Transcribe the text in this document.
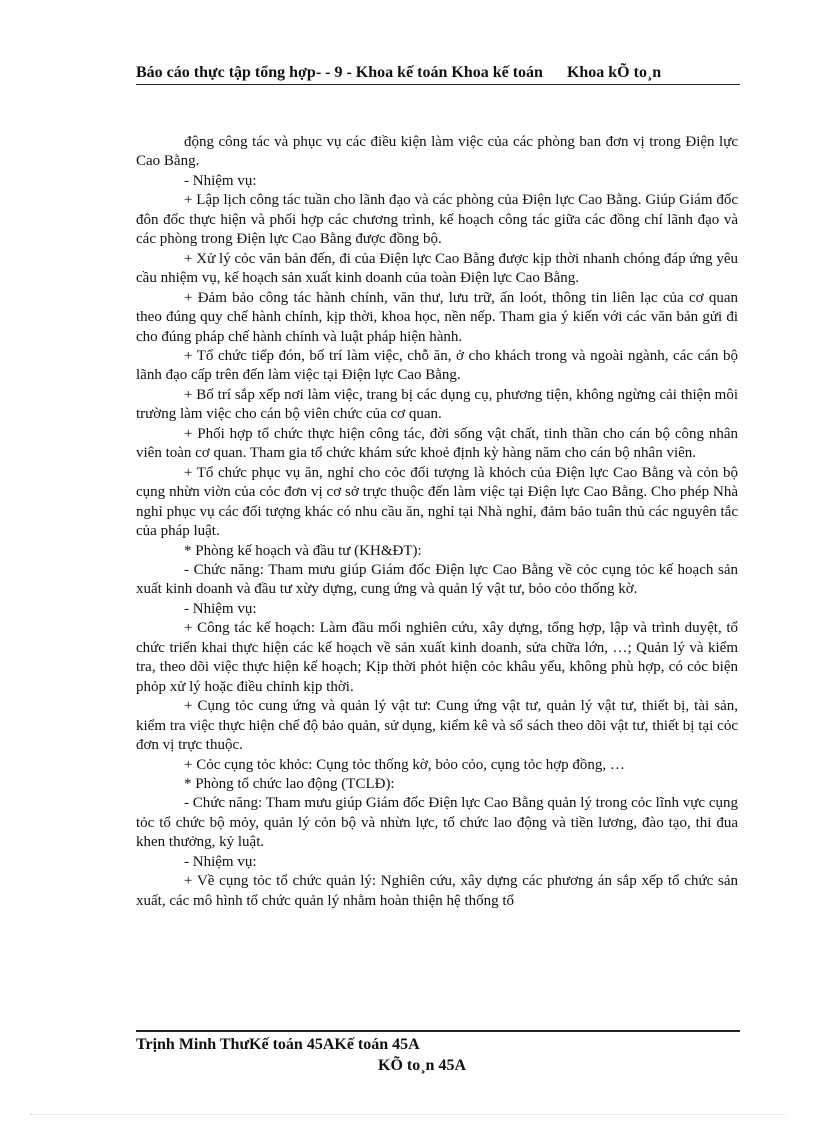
Báo cáo thực tập tổng hợp- - 9 - Khoa kế toán Khoa kế toán      Khoa kÕ to¸n

động công tác và phục vụ các điều kiện làm việc của các phòng ban đơn vị trong Điện lực Cao Bằng.

- Nhiệm vụ:

+ Lập lịch công tác tuần cho lãnh đạo và các phòng của Điện lực Cao Bằng. Giúp Giám đốc đôn đốc thực hiện và phối hợp các chương trình, kế hoạch công tác giữa các đồng chí lãnh đạo và các phòng trong Điện lực Cao Bằng được đồng bộ.

+ Xử lý cỏc văn bản đến, đi của Điện lực Cao Bằng được kịp thời nhanh chóng đáp ứng yêu cầu nhiệm vụ, kế hoạch sản xuất kinh doanh của toàn Điện lực Cao Bằng.

+ Đảm bảo công tác hành chính, văn thư, lưu trữ, ấn loót, thông tin liên lạc của cơ quan theo đúng quy chế hành chính, kịp thời, khoa học, nền nếp. Tham gia ý kiến với các văn bản gửi đi cho đúng pháp chế hành chính và luật pháp hiện hành.

+ Tổ chức tiếp đón, bố trí làm việc, chỗ ăn, ở cho khách trong và ngoài ngành, các cán bộ lãnh đạo cấp trên đến làm việc tại Điện lực Cao Bằng.

+ Bố trí sắp xếp nơi làm việc, trang bị các dụng cụ, phương tiện, không ngừng cải thiện môi trường làm việc cho cán bộ viên chức của cơ quan.

+ Phối hợp tổ chức thực hiện công tác, đời sống vật chất, tinh thần cho cán bộ công nhân viên toàn cơ quan. Tham gia tổ chức khám sức khoẻ định kỳ hàng năm cho cán bộ nhân viên.

+ Tổ chức phục vụ ăn, nghỉ cho cỏc đối tượng là khỏch của Điện lực Cao Bằng và cỏn bộ cụng nhừn viờn của cỏc đơn vị cơ sở trực thuộc đến làm việc tại Điện lực Cao Bằng. Cho phép Nhà nghỉ phục vụ các đối tượng khác có nhu cầu ăn, nghỉ tại Nhà nghỉ, đảm bảo tuân thủ các nguyên tắc của pháp luật.

* Phòng kế hoạch và đầu tư (KH&ĐT):

- Chức năng: Tham mưu giúp Giám đốc Điện lực Cao Bằng về cỏc cụng tỏc kế hoạch sản xuất kinh doanh và đầu tư xừy dựng, cung ứng và quản lý vật tư, bỏo cỏo thống kờ.

- Nhiệm vụ:

+ Công tác kế hoạch: Làm đầu mối nghiên cứu, xây dựng, tổng hợp, lập và trình duyệt, tổ chức triển khai thực hiện các kế hoạch về sản xuất kinh doanh, sửa chữa lớn, …; Quản lý và kiểm tra, theo dõi việc thực hiện kế hoạch; Kịp thời phỏt hiện cỏc khâu yếu, không phù hợp, có cỏc biện phỏp xử lý hoặc điều chỉnh kịp thời.

+ Cụng tỏc cung ứng và quản lý vật tư: Cung ứng vật tư, quản lý vật tư, thiết bị, tài sản, kiểm tra việc thực hiện chế độ bảo quản, sử dụng, kiểm kê và sổ sách theo dõi vật tư, thiết bị tại cỏc đơn vị trực thuộc.

+ Cỏc cụng tỏc khỏc: Cụng tỏc thống kờ, bỏo cỏo, cụng tỏc hợp đồng, …

* Phòng tổ chức lao động (TCLĐ):

- Chức năng: Tham mưu giúp Giám đốc Điện lực Cao Bằng quản lý trong cỏc lĩnh vực cụng tỏc tổ chức bộ mỏy, quản lý cỏn bộ và nhừn lực, tổ chức lao động và tiền lương, đào tạo, thi đua khen thưởng, kỷ luật.

- Nhiệm vụ:

+ Về cụng tỏc tổ chức quản lý: Nghiên cứu, xây dựng các phương án sắp xếp tổ chức sản xuất, các mô hình tổ chức quản lý nhằm hoàn thiện hệ thống tổ

Trịnh Minh ThưKế toán 45AKế toán 45A
KÕ to¸n 45A
